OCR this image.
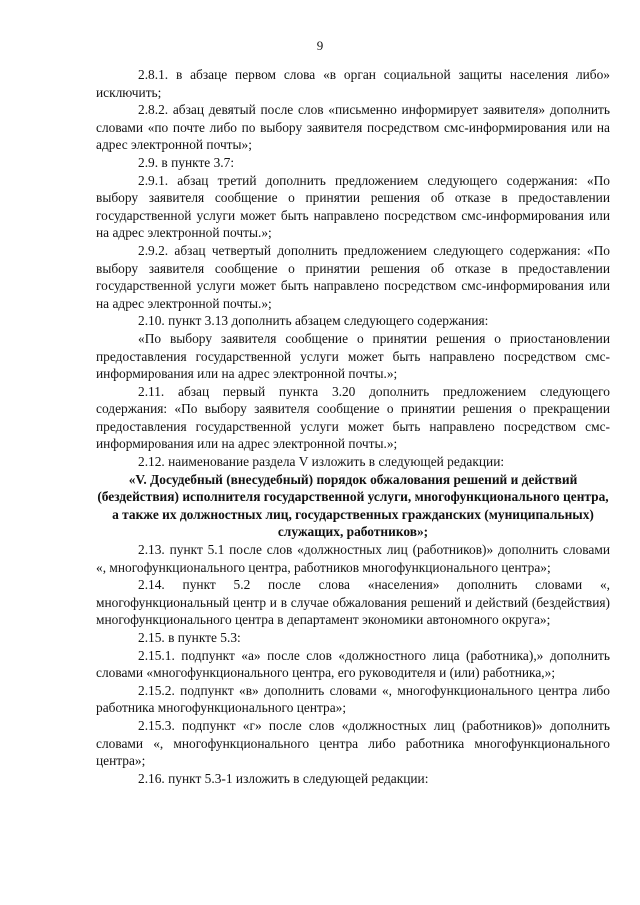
9

2.8.1. в абзаце первом слова «в орган социальной защиты населения либо» исключить;

2.8.2. абзац девятый после слов «письменно информирует заявителя» дополнить словами «по почте либо по выбору заявителя посредством смс-информирования или на адрес электронной почты»;

2.9. в пункте 3.7:

2.9.1. абзац третий дополнить предложением следующего содержания: «По выбору заявителя сообщение о принятии решения об отказе в предоставлении государственной услуги может быть направлено посредством смс-информирования или на адрес электронной почты.»;

2.9.2. абзац четвертый дополнить предложением следующего содержания: «По выбору заявителя сообщение о принятии решения об отказе в предоставлении государственной услуги может быть направлено посредством смс-информирования или на адрес электронной почты.»;

2.10. пункт 3.13 дополнить абзацем следующего содержания:

«По выбору заявителя сообщение о принятии решения о приостановлении предоставления государственной услуги может быть направлено посредством смс-информирования или на адрес электронной почты.»;

2.11. абзац первый пункта 3.20 дополнить предложением следующего содержания: «По выбору заявителя сообщение о принятии решения о прекращении предоставления государственной услуги может быть направлено посредством смс-информирования или на адрес электронной почты.»;

2.12. наименование раздела V изложить в следующей редакции:

«V. Досудебный (внесудебный) порядок обжалования решений и действий (бездействия) исполнителя государственной услуги, многофункционального центра, а также их должностных лиц, государственных гражданских (муниципальных) служащих, работников»;

2.13. пункт 5.1 после слов «должностных лиц (работников)» дополнить словами «, многофункционального центра, работников многофункционального центра»;

2.14. пункт 5.2 после слова «населения» дополнить словами «, многофункциональный центр и в случае обжалования решений и действий (бездействия) многофункционального центра в департамент экономики автономного округа»;

2.15. в пункте 5.3:

2.15.1. подпункт «а» после слов «должностного лица (работника),» дополнить словами «многофункционального центра, его руководителя и (или) работника,»;

2.15.2. подпункт «в» дополнить словами «, многофункционального центра либо работника многофункционального центра»;

2.15.3. подпункт «г» после слов «должностных лиц (работников)» дополнить словами «, многофункционального центра либо работника многофункционального центра»;

2.16. пункт 5.3-1 изложить в следующей редакции:
